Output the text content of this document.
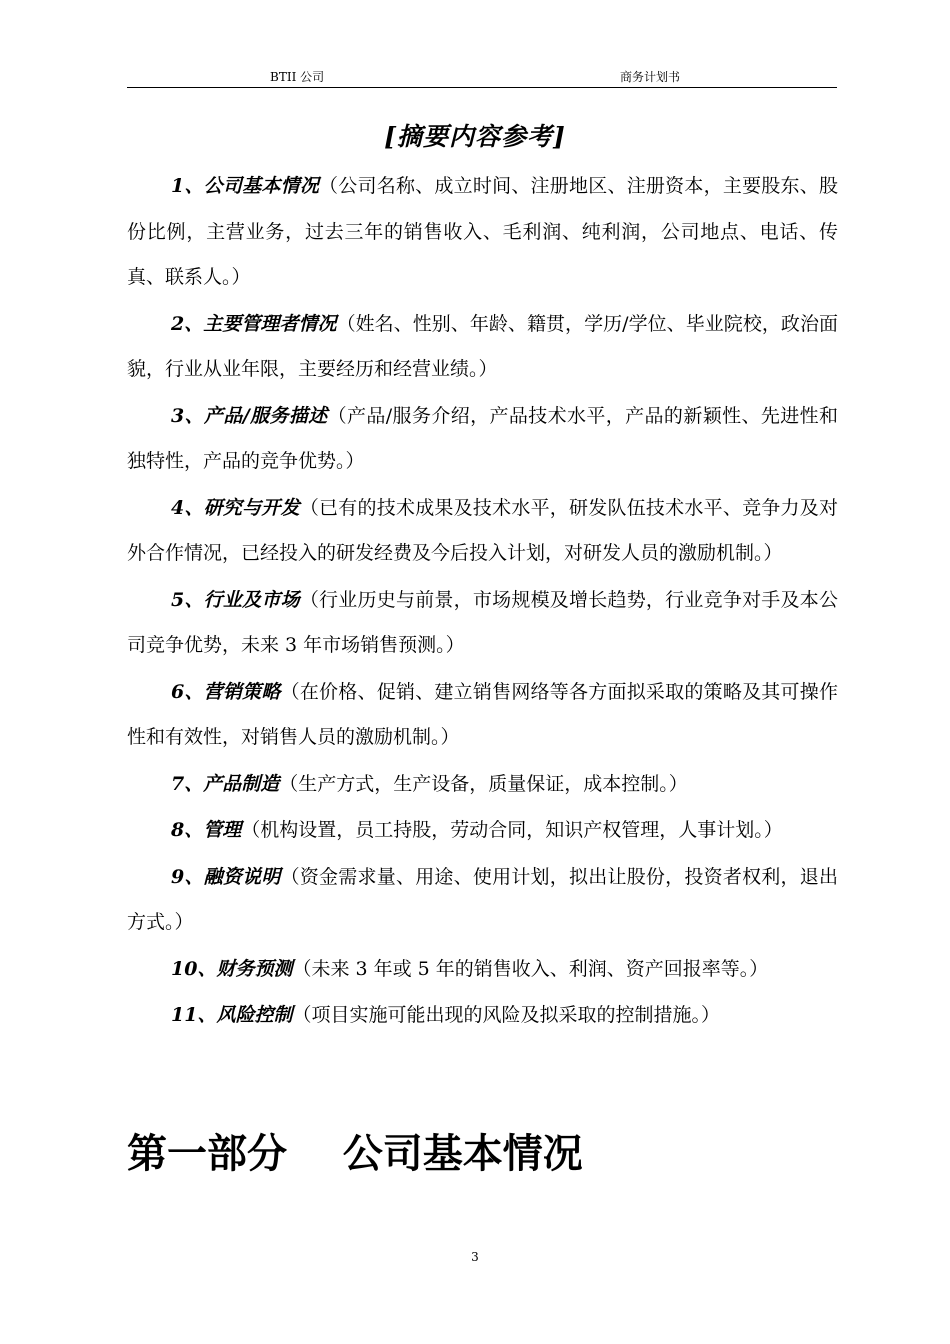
BTII 公司	商务计划书
[摘要内容参考]

1、公司基本情况（公司名称、成立时间、注册地区、注册资本，主要股东、股份比例，主营业务，过去三年的销售收入、毛利润、纯利润，公司地点、电话、传真、联系人。）

2、主要管理者情况（姓名、性别、年龄、籍贯，学历/学位、毕业院校，政治面貌，行业从业年限，主要经历和经营业绩。）

3、产品/服务描述（产品/服务介绍，产品技术水平，产品的新颖性、先进性和独特性，产品的竞争优势。）

4、研究与开发（已有的技术成果及技术水平，研发队伍技术水平、竞争力及对外合作情况，已经投入的研发经费及今后投入计划，对研发人员的激励机制。）

5、行业及市场（行业历史与前景，市场规模及增长趋势，行业竞争对手及本公司竞争优势，未来 3 年市场销售预测。）

6、营销策略（在价格、促销、建立销售网络等各方面拟采取的策略及其可操作性和有效性，对销售人员的激励机制。）

7、产品制造（生产方式，生产设备，质量保证，成本控制。）

8、管理（机构设置，员工持股，劳动合同，知识产权管理，人事计划。）

9、融资说明（资金需求量、用途、使用计划，拟出让股份，投资者权利，退出方式。）

10、财务预测（未来 3 年或 5 年的销售收入、利润、资产回报率等。）

11、风险控制（项目实施可能出现的风险及拟采取的控制措施。）

第一部分    公司基本情况
3
